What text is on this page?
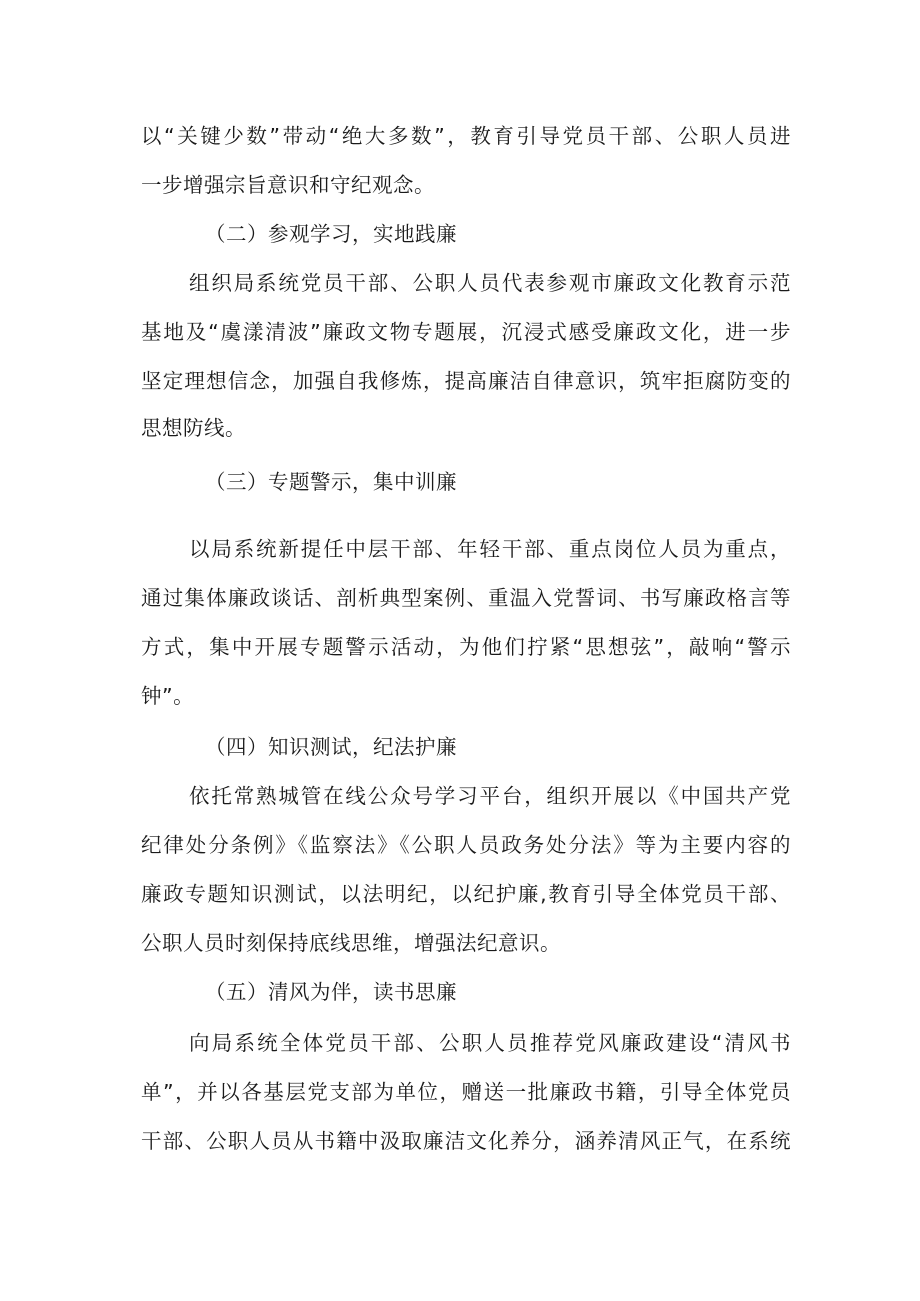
以“关键少数”带动“绝大多数”，教育引导党员干部、公职人员进

一步增强宗旨意识和守纪观念。

（二）参观学习，实地践廉

组织局系统党员干部、公职人员代表参观市廉政文化教育示范

基地及“虞漾清波”廉政文物专题展，沉浸式感受廉政文化，进一步

坚定理想信念，加强自我修炼，提高廉洁自律意识，筑牢拒腐防变的

思想防线。

（三）专题警示，集中训廉

以局系统新提任中层干部、年轻干部、重点岗位人员为重点，

通过集体廉政谈话、剖析典型案例、重温入党誓词、书写廉政格言等

方式，集中开展专题警示活动，为他们拧紧“思想弦”，敲响“警示

钟”。

（四）知识测试，纪法护廉

依托常熟城管在线公众号学习平台，组织开展以《中国共产党

纪律处分条例》《监察法》《公职人员政务处分法》等为主要内容的

廉政专题知识测试，以法明纪，以纪护廉,教育引导全体党员干部、

公职人员时刻保持底线思维，增强法纪意识。

（五）清风为伴，读书思廉

向局系统全体党员干部、公职人员推荐党风廉政建设“清风书

单”，并以各基层党支部为单位，赠送一批廉政书籍，引导全体党员

干部、公职人员从书籍中汲取廉洁文化养分，涵养清风正气，在系统
